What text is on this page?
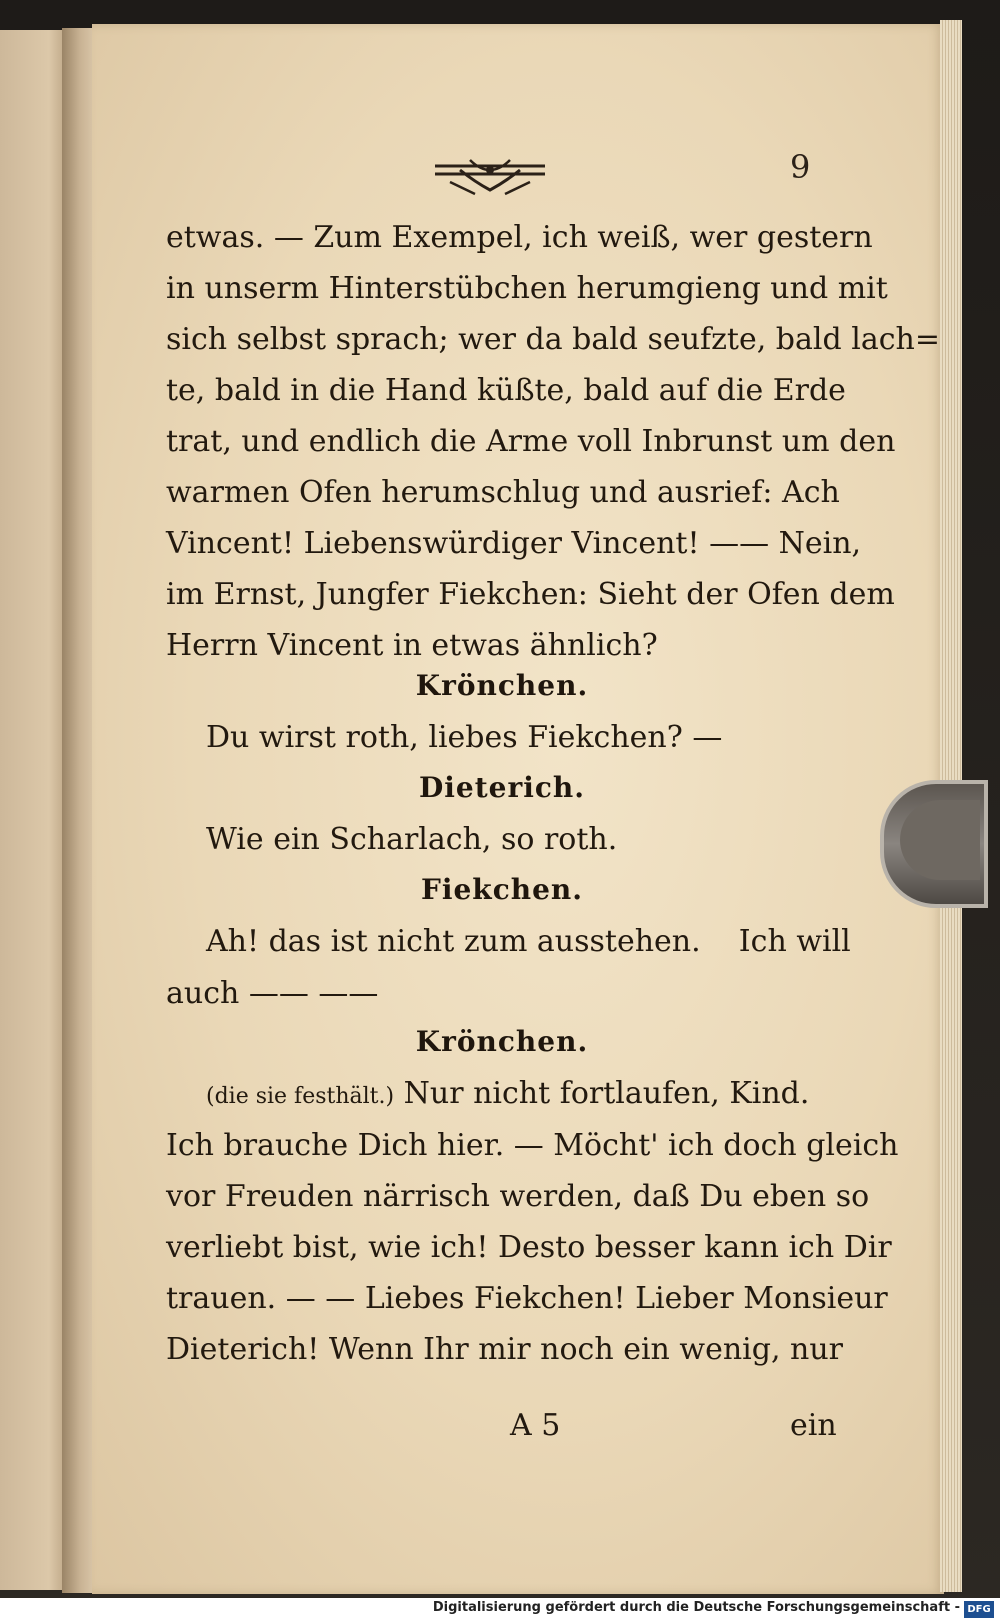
9
etwas. — Zum Exempel, ich weiß, wer gestern
in unserm Hinterstübchen herumgieng und mit
sich selbst sprach; wer da bald seufzte, bald lach=
te, bald in die Hand küßte, bald auf die Erde
trat, und endlich die Arme voll Inbrunst um den
warmen Ofen herumschlug und ausrief: Ach
Vincent! Liebenswürdiger Vincent! —— Nein,
im Ernst, Jungfer Fiekchen: Sieht der Ofen dem
Herrn Vincent in etwas ähnlich?
Krönchen.
Du wirst roth, liebes Fiekchen? —
Dieterich.
Wie ein Scharlach, so roth.
Fiekchen.
Ah! das ist nicht zum ausstehen.    Ich will
auch —— ——
Krönchen.
(die sie festhält.) Nur nicht fortlaufen, Kind.
Ich brauche Dich hier. — Möcht' ich doch gleich
vor Freuden närrisch werden, daß Du eben so
verliebt bist, wie ich! Desto besser kann ich Dir
trauen. — — Liebes Fiekchen! Lieber Monsieur
Dieterich! Wenn Ihr mir noch ein wenig, nur
A 5	ein
Digitalisierung gefördert durch die Deutsche Forschungsgemeinschaft - DFG
